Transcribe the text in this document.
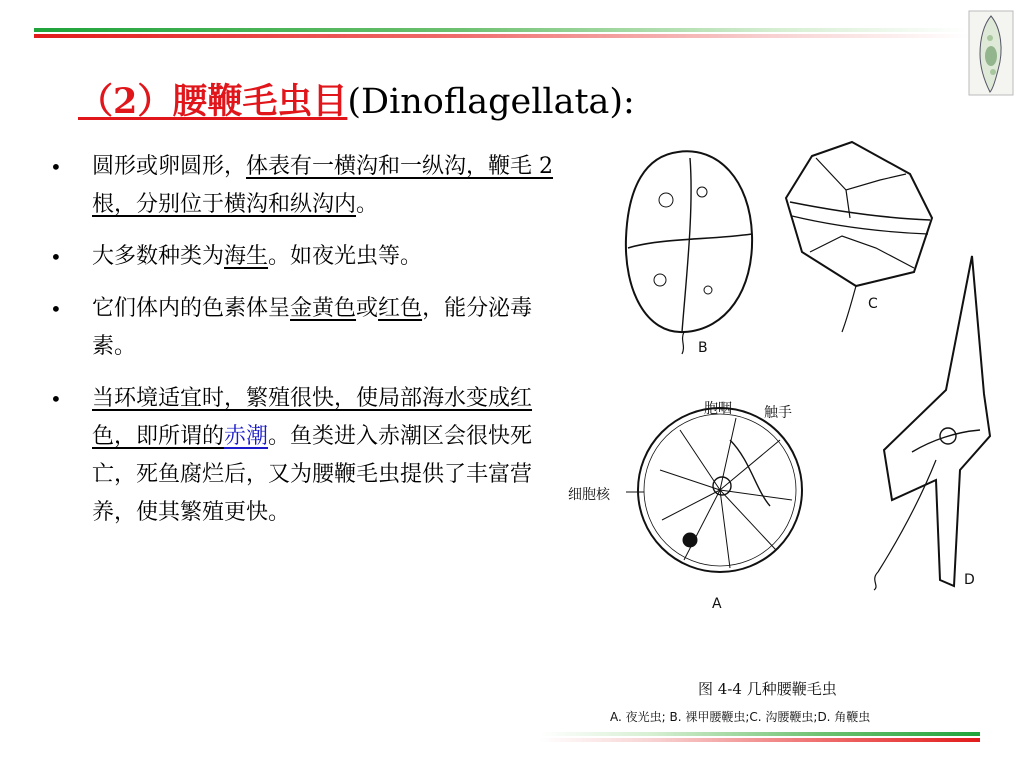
（2）腰鞭毛虫目(Dinoflagellata):
• 圆形或卵圆形，体表有一横沟和一纵沟，鞭毛 2 根，分别位于横沟和纵沟内。
• 大多数种类为海生。如夜光虫等。
• 它们体内的色素体呈金黄色或红色，能分泌毒素。
• 当环境适宜时，繁殖很快，使局部海水变成红色，即所谓的赤潮。鱼类进入赤潮区会很快死亡，死鱼腐烂后，又为腰鞭毛虫提供了丰富营养，使其繁殖更快。
B
C
胞咽 触手
细胞核
A
D
图 4-4 几种腰鞭毛虫
A. 夜光虫; B. 裸甲腰鞭虫;C. 沟腰鞭虫;D. 角鞭虫
